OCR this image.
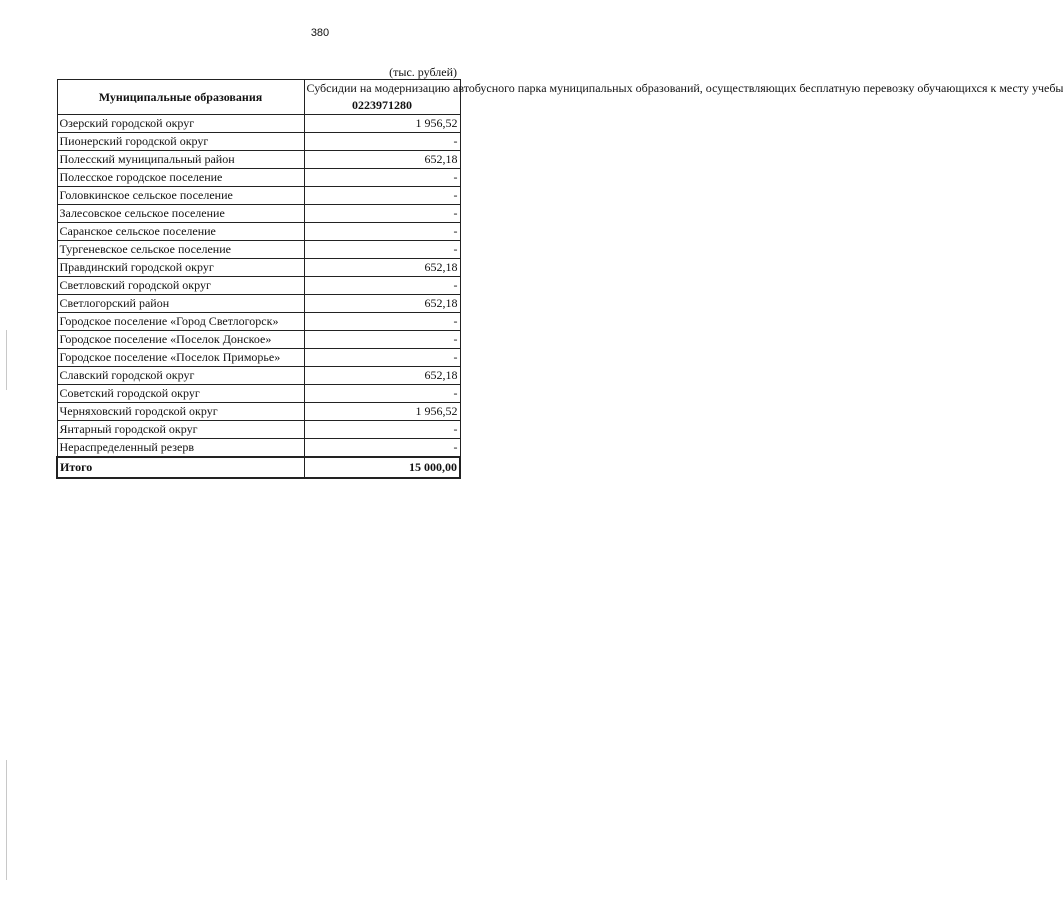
380
(тыс. рублей)
Муниципальные образования	Субсидии на модернизацию автобусного парка муниципальных образований, осуществляющих бесплатную перевозку обучающихся к месту учебы
0223971280

Озерский городской округ	1 956,52
Пионерский городской округ	-
Полесский муниципальный район	652,18
Полесское городское поселение	-
Головкинское сельское поселение	-
Залесовское сельское поселение	-
Саранское сельское поселение	-
Тургеневское сельское поселение	-
Правдинский городской округ	652,18
Светловский городской округ	-
Светлогорский район	652,18
Городское поселение «Город Светлогорск»	-
Городское поселение «Поселок Донское»	-
Городское поселение «Поселок Приморье»	-
Славский городской округ	652,18
Советский городской округ	-
Черняховский городской округ	1 956,52
Янтарный городской округ	-
Нераспределенный резерв	-
Итого	15 000,00
